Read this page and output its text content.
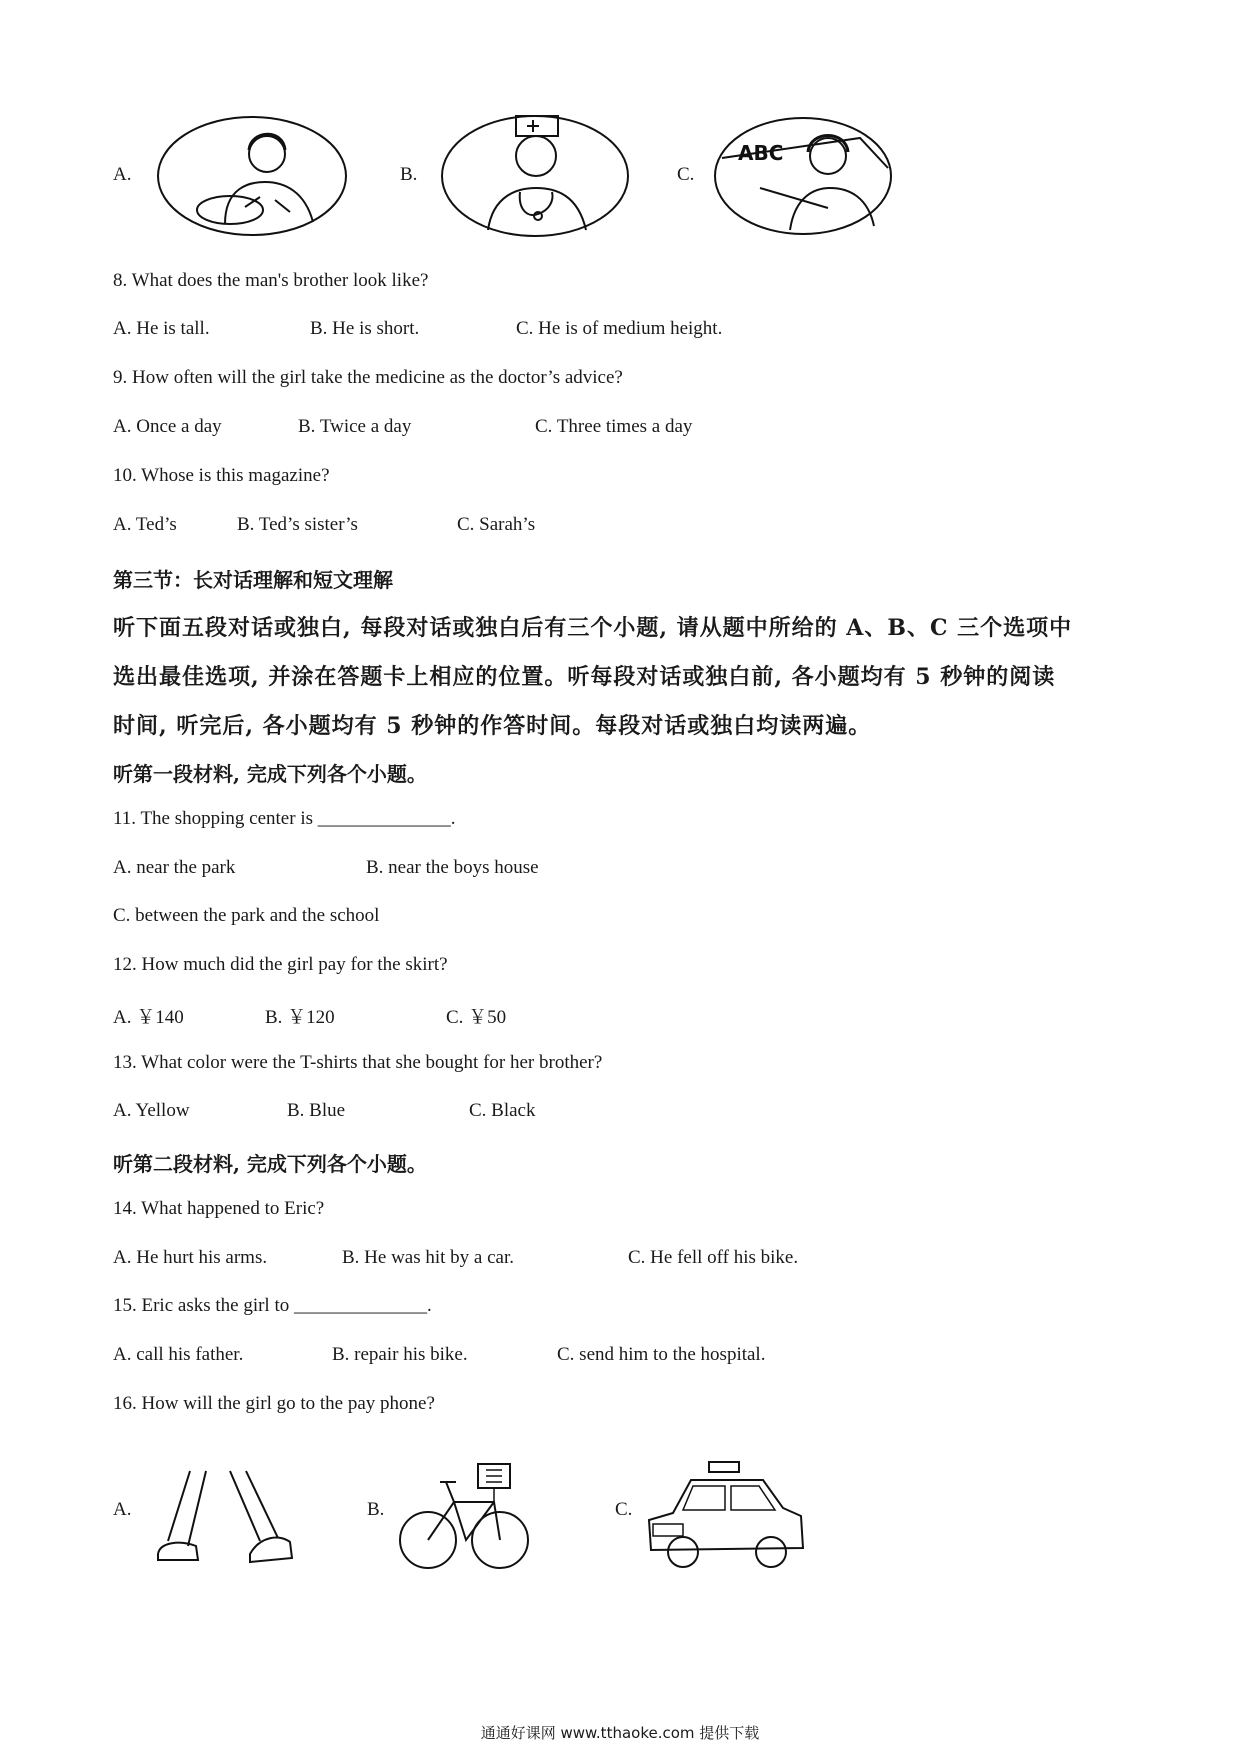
A.	B.	C.
ABC
8. What does the man's brother look like?
A. He is tall.	B. He is short.	C. He is of medium height.
9. How often will the girl take the medicine as the doctor’s advice?
A. Once a day	B. Twice a day	C. Three times a day
10. Whose is this magazine?
A. Ted’s	B. Ted’s sister’s	C. Sarah’s
第三节：长对话理解和短文理解
听下面五段对话或独白, 每段对话或独白后有三个小题, 请从题中所给的 A、B、C 三个选项中
选出最佳选项, 并涂在答题卡上相应的位置。听每段对话或独白前, 各小题均有 5 秒钟的阅读
时间, 听完后, 各小题均有 5 秒钟的作答时间。每段对话或独白均读两遍。
听第一段材料, 完成下列各个小题。
11. The shopping center is ______________.
A. near the park	B. near the boys house
C. between the park and the school
12. How much did the girl pay for the skirt?
A. ￥140	B. ￥120	C. ￥50
13. What color were the T-shirts that she bought for her brother?
A. Yellow	B. Blue	C. Black
听第二段材料, 完成下列各个小题。
14. What happened to Eric?
A. He hurt his arms.	B. He was hit by a car.	C. He fell off his bike.
15. Eric asks the girl to ______________.
A. call his father.	B. repair his bike.	C. send him to the hospital.
16. How will the girl go to the pay phone?
A.	B.	C.
通通好课网 www.tthaoke.com 提供下载
